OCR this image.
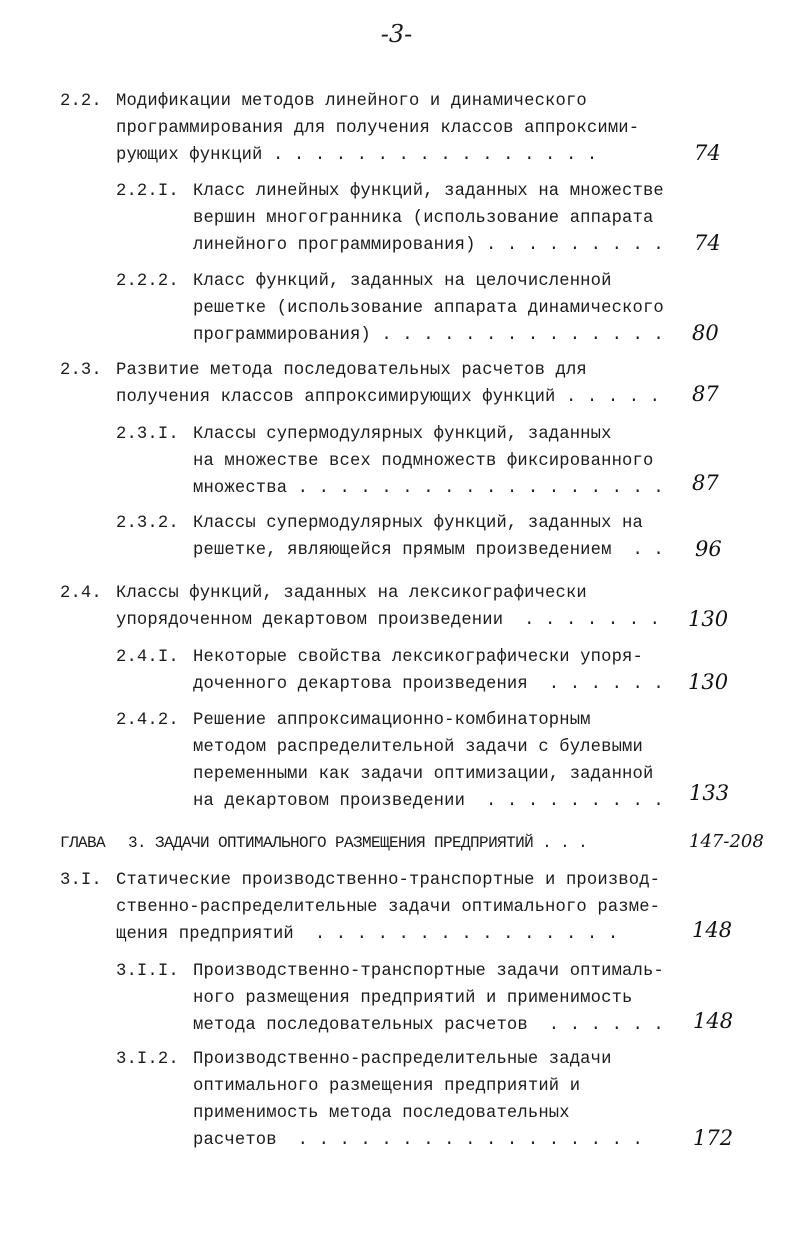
-3-
2.2. Модификации методов линейного и динамического
программирования для получения классов аппроксими-
рующих функций . . . . . . . . . . . . . . . .	74
2.2.I. Класс линейных функций, заданных на множестве
вершин многогранника (использование аппарата
линейного программирования) . . . . . . . . . 74
2.2.2. Класс функций, заданных на целочисленной
решетке (использование аппарата динамического
программирования) . . . . . . . . . . . . . . 80
2.3. Развитие метода последовательных расчетов для
получения классов аппроксимирующих функций . . . . . 87
2.3.I. Классы супермодулярных функций, заданных
на множестве всех подмножеств фиксированного
множества . . . . . . . . . . . . . . . . . . 87
2.3.2. Классы супермодулярных функций, заданных на
решетке, являющейся прямым произведением  . . 96
2.4. Классы функций, заданных на лексикографически
упорядоченном декартовом произведении  . . . . . . . 130
2.4.I. Некоторые свойства лексикографически упоря-
доченного декартова произведения  . . . . . . 130
2.4.2. Решение аппроксимационно-комбинаторным
методом распределительной задачи с булевыми
переменными как задачи оптимизации, заданной
на декартовом произведении  . . . . . . . . . 133
ГЛАВА 3. ЗАДАЧИ ОПТИМАЛЬНОГО РАЗМЕЩЕНИЯ ПРЕДПРИЯТИЙ . . .	147-208
3.I. Статические производственно-транспортные и производ-
ственно-распределительные задачи оптимального разме-
щения предприятий  . . . . . . . . . . . . . . .	148
3.I.I. Производственно-транспортные задачи оптималь-
ного размещения предприятий и применимость
метода последовательных расчетов  . . . . . . 148
3.I.2. Производственно-распределительные задачи
оптимального размещения предприятий и
применимость метода последовательных
расчетов  . . . . . . . . . . . . . . . . . 172
